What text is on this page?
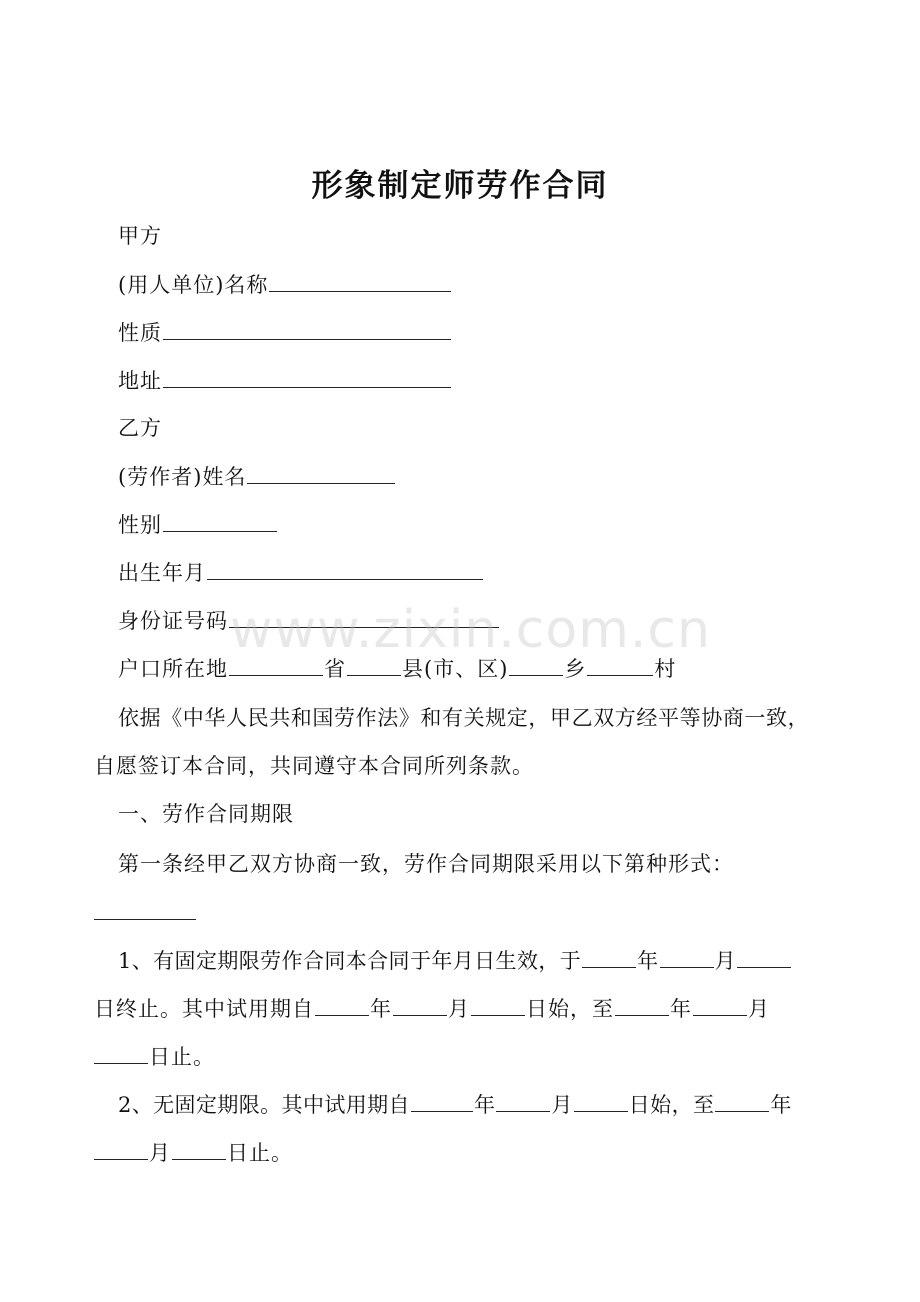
形象制定师劳作合同
甲方
(用人单位)名称
性质
地址
乙方
(劳作者)姓名
性别
出生年月
身份证号码
户口所在地	省	县(市、区)	乡	村
依据《中华人民共和国劳作法》和有关规定，甲乙双方经平等协商一致，
自愿签订本合同，共同遵守本合同所列条款。
一、劳作合同期限
第一条经甲乙双方协商一致，劳作合同期限采用以下第种形式：
1、有固定期限劳作合同本合同于年月日生效，于	年	月
日终止。其中试用期自	年	月	日始，至	年	月
日止。
2、无固定期限。其中试用期自	年	月	日始，至	年
月	日止。
www.zixin.com.cn
